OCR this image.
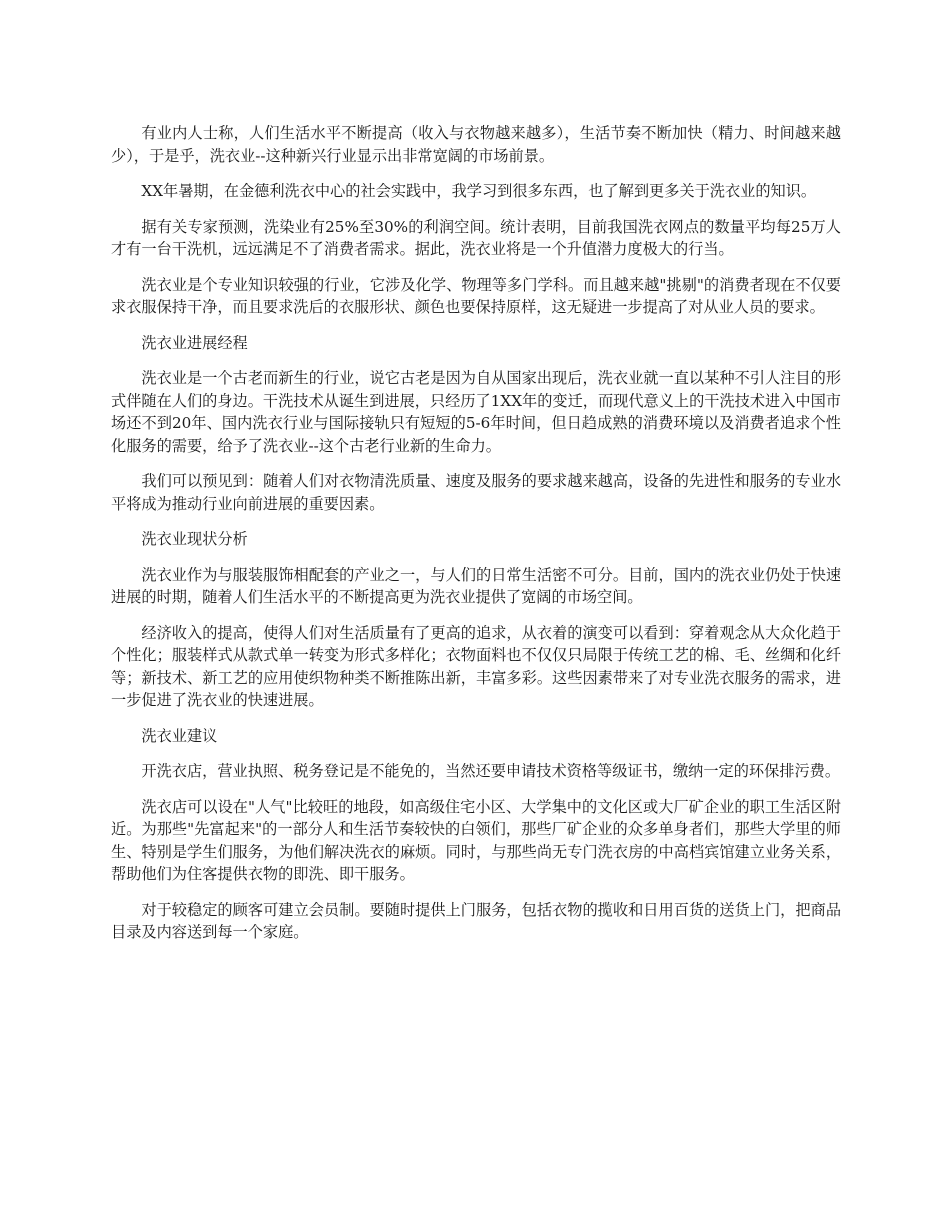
有业内人士称，人们生活水平不断提高（收入与衣物越来越多），生活节奏不断加快（精力、时间越来越少），于是乎，洗衣业--这种新兴行业显示出非常宽阔的市场前景。

XX年暑期，在金德利洗衣中心的社会实践中，我学习到很多东西，也了解到更多关于洗衣业的知识。

据有关专家预测，洗染业有25%至30%的利润空间。统计表明，目前我国洗衣网点的数量平均每25万人才有一台干洗机，远远满足不了消费者需求。据此，洗衣业将是一个升值潜力度极大的行当。

洗衣业是个专业知识较强的行业，它涉及化学、物理等多门学科。而且越来越"挑剔"的消费者现在不仅要求衣服保持干净，而且要求洗后的衣服形状、颜色也要保持原样，这无疑进一步提高了对从业人员的要求。

洗衣业进展经程

洗衣业是一个古老而新生的行业，说它古老是因为自从国家出现后，洗衣业就一直以某种不引人注目的形式伴随在人们的身边。干洗技术从诞生到进展，只经历了1XX年的变迁，而现代意义上的干洗技术进入中国市场还不到20年、国内洗衣行业与国际接轨只有短短的5-6年时间，但日趋成熟的消费环境以及消费者追求个性化服务的需要，给予了洗衣业--这个古老行业新的生命力。

我们可以预见到：随着人们对衣物清洗质量、速度及服务的要求越来越高，设备的先进性和服务的专业水平将成为推动行业向前进展的重要因素。

洗衣业现状分析

洗衣业作为与服装服饰相配套的产业之一，与人们的日常生活密不可分。目前，国内的洗衣业仍处于快速进展的时期，随着人们生活水平的不断提高更为洗衣业提供了宽阔的市场空间。

经济收入的提高，使得人们对生活质量有了更高的追求，从衣着的演变可以看到：穿着观念从大众化趋于个性化；服装样式从款式单一转变为形式多样化；衣物面料也不仅仅只局限于传统工艺的棉、毛、丝绸和化纤等；新技术、新工艺的应用使织物种类不断推陈出新，丰富多彩。这些因素带来了对专业洗衣服务的需求，进一步促进了洗衣业的快速进展。

洗衣业建议

开洗衣店，营业执照、税务登记是不能免的，当然还要申请技术资格等级证书，缴纳一定的环保排污费。

洗衣店可以设在"人气"比较旺的地段，如高级住宅小区、大学集中的文化区或大厂矿企业的职工生活区附近。为那些"先富起来"的一部分人和生活节奏较快的白领们，那些厂矿企业的众多单身者们，那些大学里的师生、特别是学生们服务，为他们解决洗衣的麻烦。同时，与那些尚无专门洗衣房的中高档宾馆建立业务关系，帮助他们为住客提供衣物的即洗、即干服务。

对于较稳定的顾客可建立会员制。要随时提供上门服务，包括衣物的揽收和日用百货的送货上门，把商品目录及内容送到每一个家庭。
